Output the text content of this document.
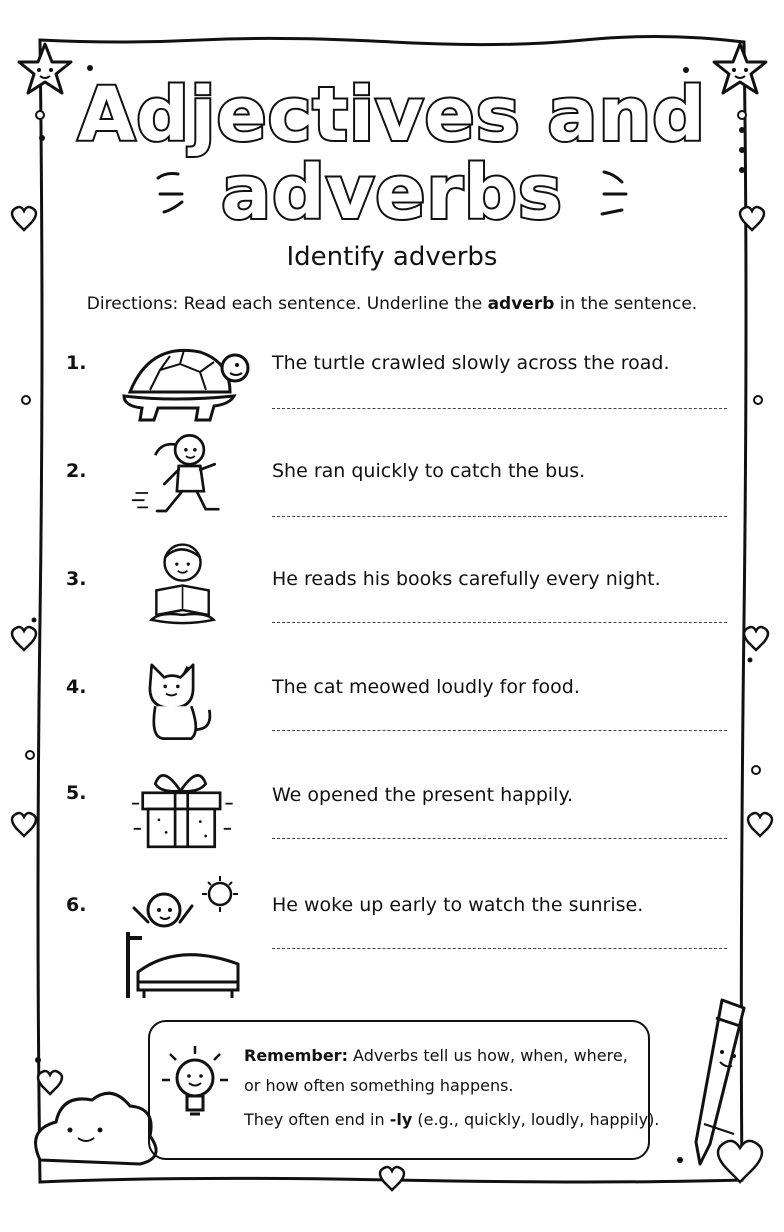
Adjectives and
adverbs
Identify adverbs
Directions: Read each sentence. Underline the adverb in the sentence.
1.	The turtle crawled slowly across the road.
2.	She ran quickly to catch the bus.
3.	He reads his books carefully every night.
4.	The cat meowed loudly for food.
5.	We opened the present happily.
6.	He woke up early to watch the sunrise.

Remember: Adverbs tell us how, when, where,

or how often something happens.

They often end in -ly (e.g., quickly, loudly, happily).
